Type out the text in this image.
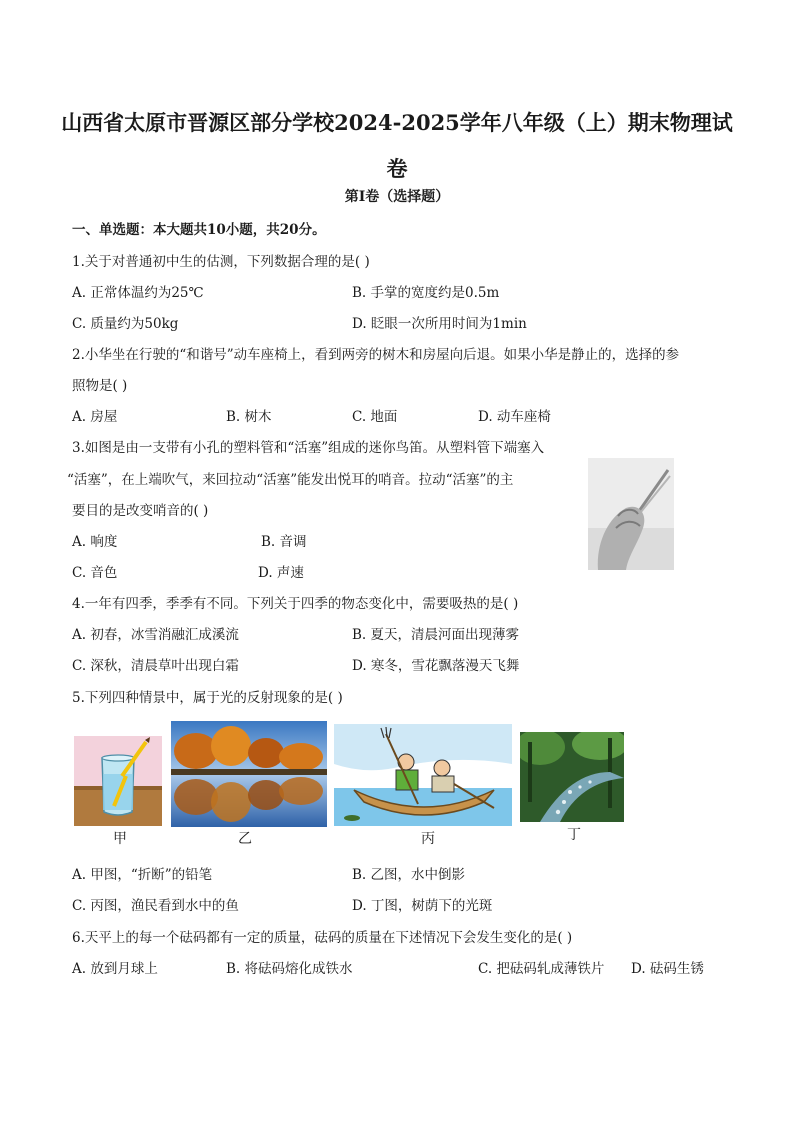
山西省太原市晋源区部分学校2024-2025学年八年级（上）期末物理试卷
第Ⅰ卷（选择题）
一、单选题：本大题共10小题，共20分。
1.关于对普通初中生的估测，下列数据合理的是( )
A. 正常体温约为25℃	B. 手掌的宽度约是0.5m
C. 质量约为50kg	D. 眨眼一次所用时间为1min
2.小华坐在行驶的“和谐号”动车座椅上，看到两旁的树木和房屋向后退。如果小华是静止的，选择的参
照物是( )
A. 房屋	B. 树木	C. 地面	D. 动车座椅
3.如图是由一支带有小孔的塑料管和“活塞”组成的迷你鸟笛。从塑料管下端塞入
“活塞”，在上端吹气，来回拉动“活塞”能发出悦耳的哨音。拉动“活塞”的主
要目的是改变哨音的( )
A. 响度	B. 音调
C. 音色	D. 声速
4.一年有四季，季季有不同。下列关于四季的物态变化中，需要吸热的是( )
A. 初春，冰雪消融汇成溪流	B. 夏天，清晨河面出现薄雾
C. 深秋，清晨草叶出现白霜	D. 寒冬，雪花飘落漫天飞舞
5.下列四种情景中，属于光的反射现象的是( )
甲	乙	丙	丁
A. 甲图，“折断”的铅笔	B. 乙图，水中倒影
C. 丙图，渔民看到水中的鱼	D. 丁图，树荫下的光斑
6.天平上的每一个砝码都有一定的质量，砝码的质量在下述情况下会发生变化的是( )
A. 放到月球上	B. 将砝码熔化成铁水	C. 把砝码轧成薄铁片 D. 砝码生锈
